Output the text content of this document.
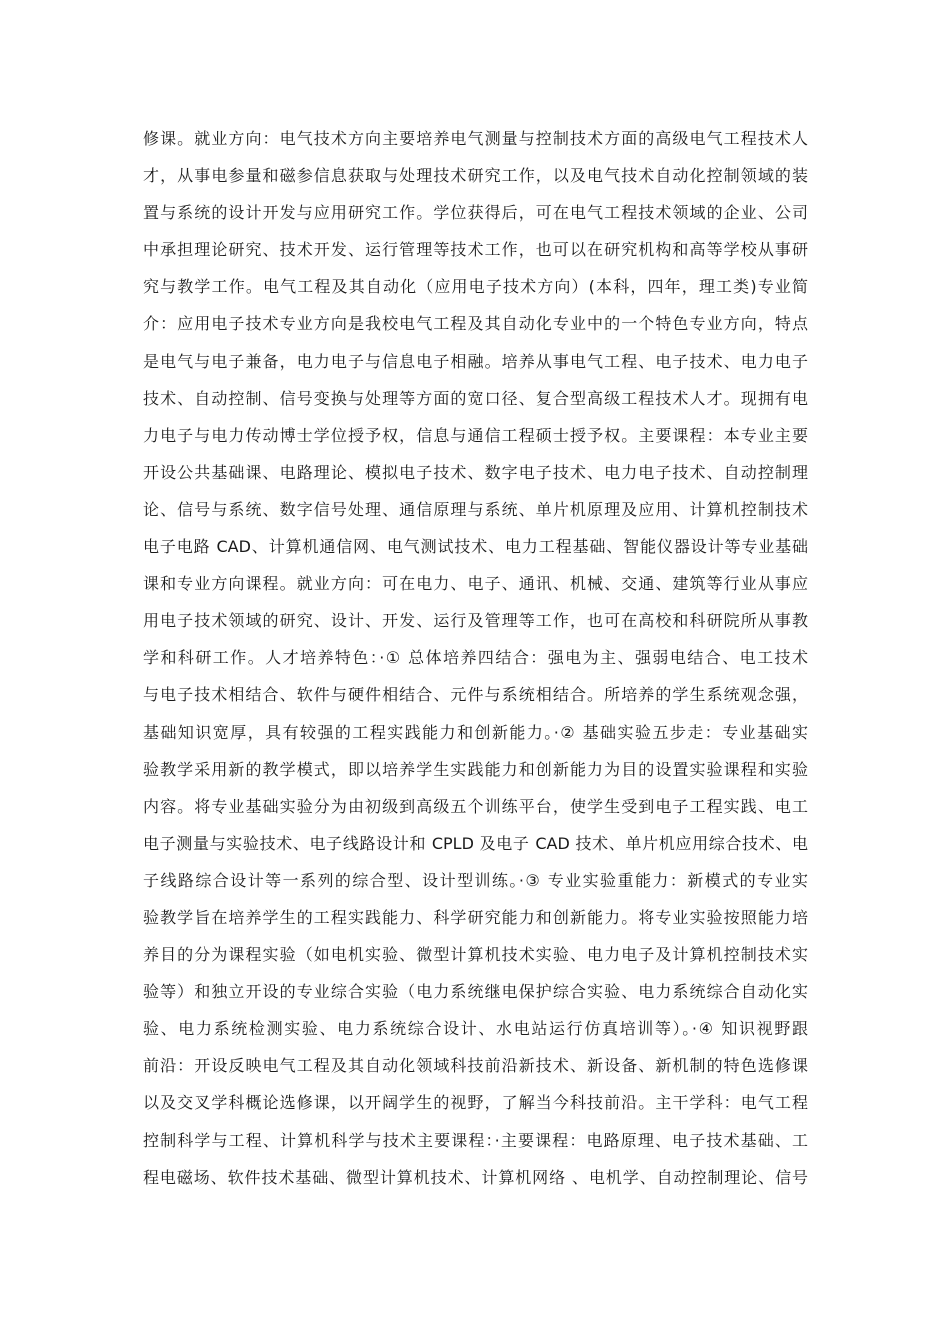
修课。就业方向：电气技术方向主要培养电气测量与控制技术方面的高级电气工程技术人
才，从事电参量和磁参信息获取与处理技术研究工作，以及电气技术自动化控制领域的装
置与系统的设计开发与应用研究工作。学位获得后，可在电气工程技术领域的企业、公司
中承担理论研究、技术开发、运行管理等技术工作，也可以在研究机构和高等学校从事研
究与教学工作。电气工程及其自动化（应用电子技术方向）(本科，四年，理工类)专业简
介：应用电子技术专业方向是我校电气工程及其自动化专业中的一个特色专业方向，特点
是电气与电子兼备，电力电子与信息电子相融。培养从事电气工程、电子技术、电力电子
技术、自动控制、信号变换与处理等方面的宽口径、复合型高级工程技术人才。现拥有电
力电子与电力传动博士学位授予权，信息与通信工程硕士授予权。主要课程：本专业主要
开设公共基础课、电路理论、模拟电子技术、数字电子技术、电力电子技术、自动控制理
论、信号与系统、数字信号处理、通信原理与系统、单片机原理及应用、计算机控制技术
电子电路 CAD、计算机通信网、电气测试技术、电力工程基础、智能仪器设计等专业基础
课和专业方向课程。就业方向：可在电力、电子、通讯、机械、交通、建筑等行业从事应
用电子技术领域的研究、设计、开发、运行及管理等工作，也可在高校和科研院所从事教
学和科研工作。人才培养特色：·① 总体培养四结合：强电为主、强弱电结合、电工技术
与电子技术相结合、软件与硬件相结合、元件与系统相结合。所培养的学生系统观念强，
基础知识宽厚，具有较强的工程实践能力和创新能力。·② 基础实验五步走：专业基础实
验教学采用新的教学模式，即以培养学生实践能力和创新能力为目的设置实验课程和实验
内容。将专业基础实验分为由初级到高级五个训练平台，使学生受到电子工程实践、电工
电子测量与实验技术、电子线路设计和 CPLD 及电子 CAD 技术、单片机应用综合技术、电
子线路综合设计等一系列的综合型、设计型训练。·③ 专业实验重能力：新模式的专业实
验教学旨在培养学生的工程实践能力、科学研究能力和创新能力。将专业实验按照能力培
养目的分为课程实验（如电机实验、微型计算机技术实验、电力电子及计算机控制技术实
验等）和独立开设的专业综合实验（电力系统继电保护综合实验、电力系统综合自动化实
验、电力系统检测实验、电力系统综合设计、水电站运行仿真培训等）。·④ 知识视野跟
前沿：开设反映电气工程及其自动化领域科技前沿新技术、新设备、新机制的特色选修课
以及交叉学科概论选修课，以开阔学生的视野，了解当今科技前沿。主干学科：电气工程
控制科学与工程、计算机科学与技术主要课程：·主要课程：电路原理、电子技术基础、工
程电磁场、软件技术基础、微型计算机技术、计算机网络 、电机学、自动控制理论、信号
